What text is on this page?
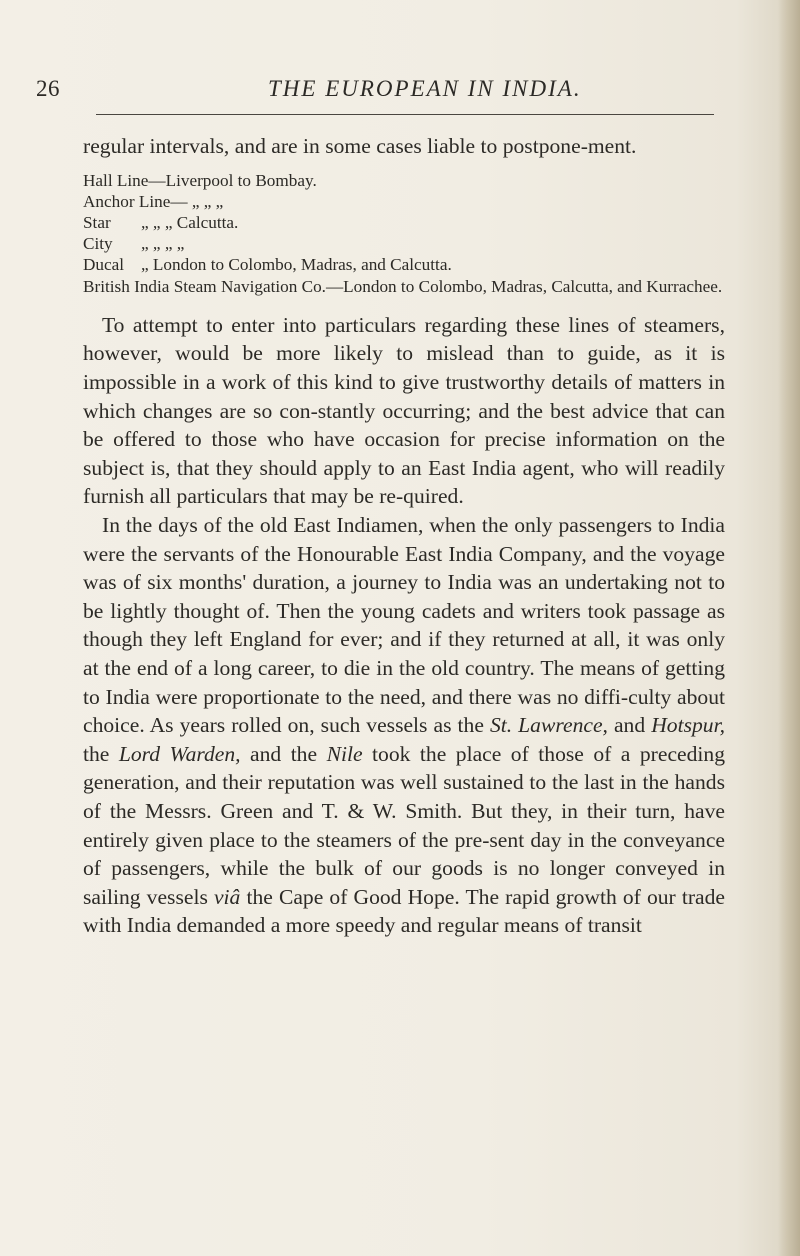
26	THE EUROPEAN IN INDIA.

regular intervals, and are in some cases liable to postpone-ment.

Hall Line —Liverpool to Bombay.
Anchor Line — „ „ „
Star	„ „ „ Calcutta.
City	„ „ „ „
Ducal „ London to Colombo, Madras, and Calcutta.
British India Steam Navigation Co.—London to Colombo, Madras, Calcutta, and Kurrachee.

To attempt to enter into particulars regarding these lines of steamers, however, would be more likely to mislead than to guide, as it is impossible in a work of this kind to give trustworthy details of matters in which changes are so con-stantly occurring; and the best advice that can be offered to those who have occasion for precise information on the subject is, that they should apply to an East India agent, who will readily furnish all particulars that may be re-quired.

In the days of the old East Indiamen, when the only passengers to India were the servants of the Honourable East India Company, and the voyage was of six months' duration, a journey to India was an undertaking not to be lightly thought of. Then the young cadets and writers took passage as though they left England for ever; and if they returned at all, it was only at the end of a long career, to die in the old country. The means of getting to India were proportionate to the need, and there was no diffi-culty about choice. As years rolled on, such vessels as the St. Lawrence, and Hotspur, the Lord Warden, and the Nile took the place of those of a preceding generation, and their reputation was well sustained to the last in the hands of the Messrs. Green and T. & W. Smith. But they, in their turn, have entirely given place to the steamers of the pre-sent day in the conveyance of passengers, while the bulk of our goods is no longer conveyed in sailing vessels viâ the Cape of Good Hope. The rapid growth of our trade with India demanded a more speedy and regular means of transit
